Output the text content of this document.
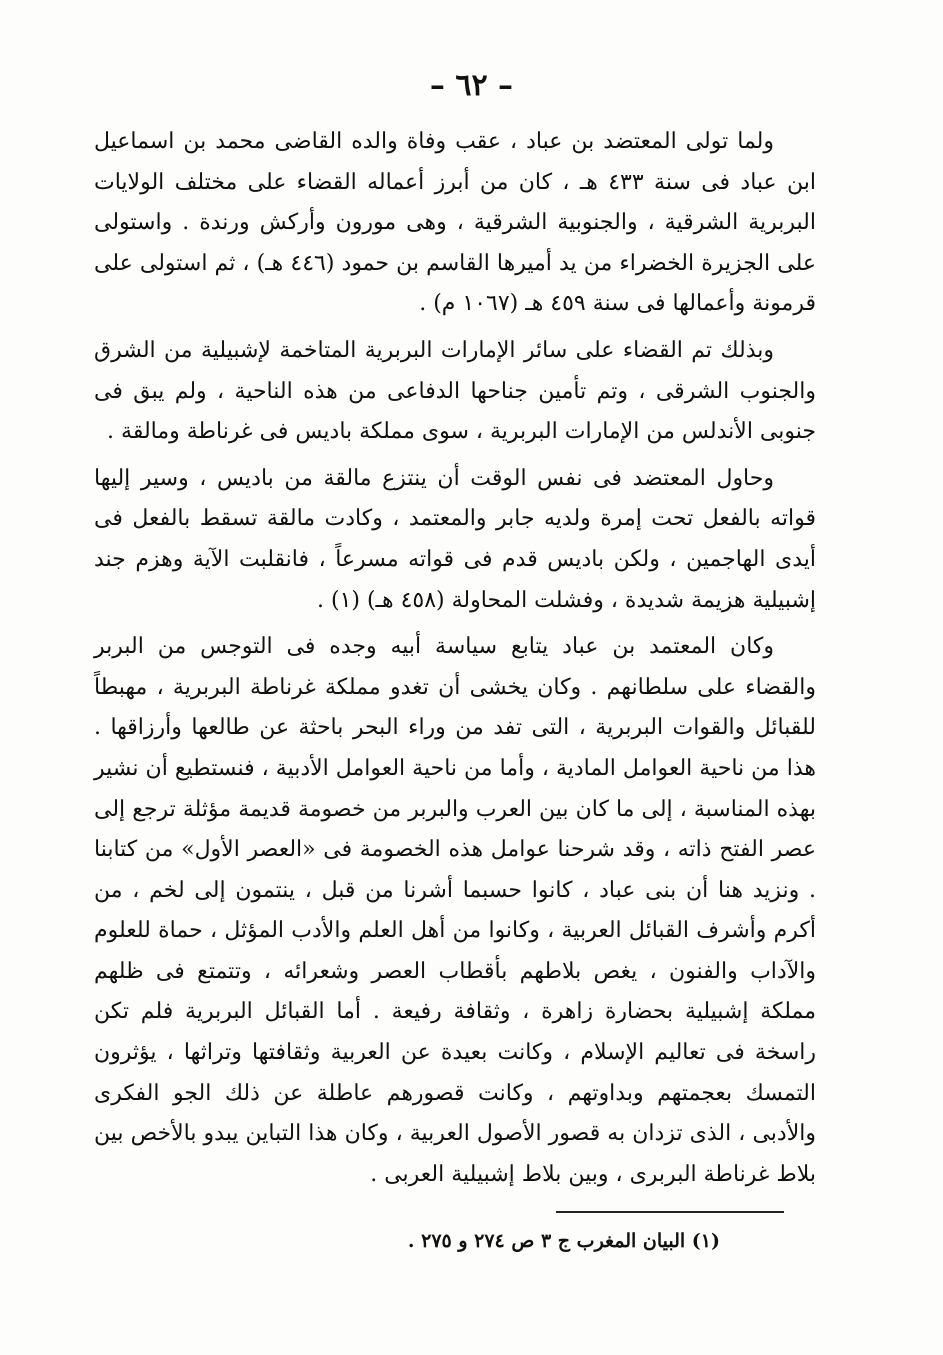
– ٦٢ –

ولما تولى المعتضد بن عباد ، عقب وفاة والده القاضى محمد بن اسماعيل ابن عباد فى سنة ٤٣٣ هـ ، كان من أبرز أعماله القضاء على مختلف الولايات البربرية الشرقية ، والجنوبية الشرقية ، وهى مورون وأركش ورندة . واستولى على الجزيرة الخضراء من يد أميرها القاسم بن حمود (٤٤٦ هـ) ، ثم استولى على قرمونة وأعمالها فى سنة ٤٥٩ هـ (١٠٦٧ م) .

وبذلك تم القضاء على سائر الإمارات البربرية المتاخمة لإشبيلية من الشرق والجنوب الشرقى ، وتم تأمين جناحها الدفاعى من هذه الناحية ، ولم يبق فى جنوبى الأندلس من الإمارات البربرية ، سوى مملكة باديس فى غرناطة ومالقة .

وحاول المعتضد فى نفس الوقت أن ينتزع مالقة من باديس ، وسير إليها قواته بالفعل تحت إمرة ولديه جابر والمعتمد ، وكادت مالقة تسقط بالفعل فى أيدى الهاجمين ، ولكن باديس قدم فى قواته مسرعاً ، فانقلبت الآية وهزم جند إشبيلية هزيمة شديدة ، وفشلت المحاولة (٤٥٨ هـ) (١) .

وكان المعتمد بن عباد يتابع سياسة أبيه وجده فى التوجس من البربر والقضاء على سلطانهم . وكان يخشى أن تغدو مملكة غرناطة البربرية ، مهبطاً للقبائل والقوات البربرية ، التى تفد من وراء البحر باحثة عن طالعها وأرزاقها . هذا من ناحية العوامل المادية ، وأما من ناحية العوامل الأدبية ، فنستطيع أن نشير بهذه المناسبة ، إلى ما كان بين العرب والبربر من خصومة قديمة مؤثلة ترجع إلى عصر الفتح ذاته ، وقد شرحنا عوامل هذه الخصومة فى «العصر الأول» من كتابنا . ونزيد هنا أن بنى عباد ، كانوا حسبما أشرنا من قبل ، ينتمون إلى لخم ، من أكرم وأشرف القبائل العربية ، وكانوا من أهل العلم والأدب المؤثل ، حماة للعلوم والآداب والفنون ، يغص بلاطهم بأقطاب العصر وشعرائه ، وتتمتع فى ظلهم مملكة إشبيلية بحضارة زاهرة ، وثقافة رفيعة . أما القبائل البربرية فلم تكن راسخة فى تعاليم الإسلام ، وكانت بعيدة عن العربية وثقافتها وتراثها ، يؤثرون التمسك بعجمتهم وبداوتهم ، وكانت قصورهم عاطلة عن ذلك الجو الفكرى والأدبى ، الذى تزدان به قصور الأصول العربية ، وكان هذا التباين يبدو بالأخص بين بلاط غرناطة البربرى ، وبين بلاط إشبيلية العربى .

(١) البيان المغرب ج ٣ ص ٢٧٤ و ٢٧٥ .
